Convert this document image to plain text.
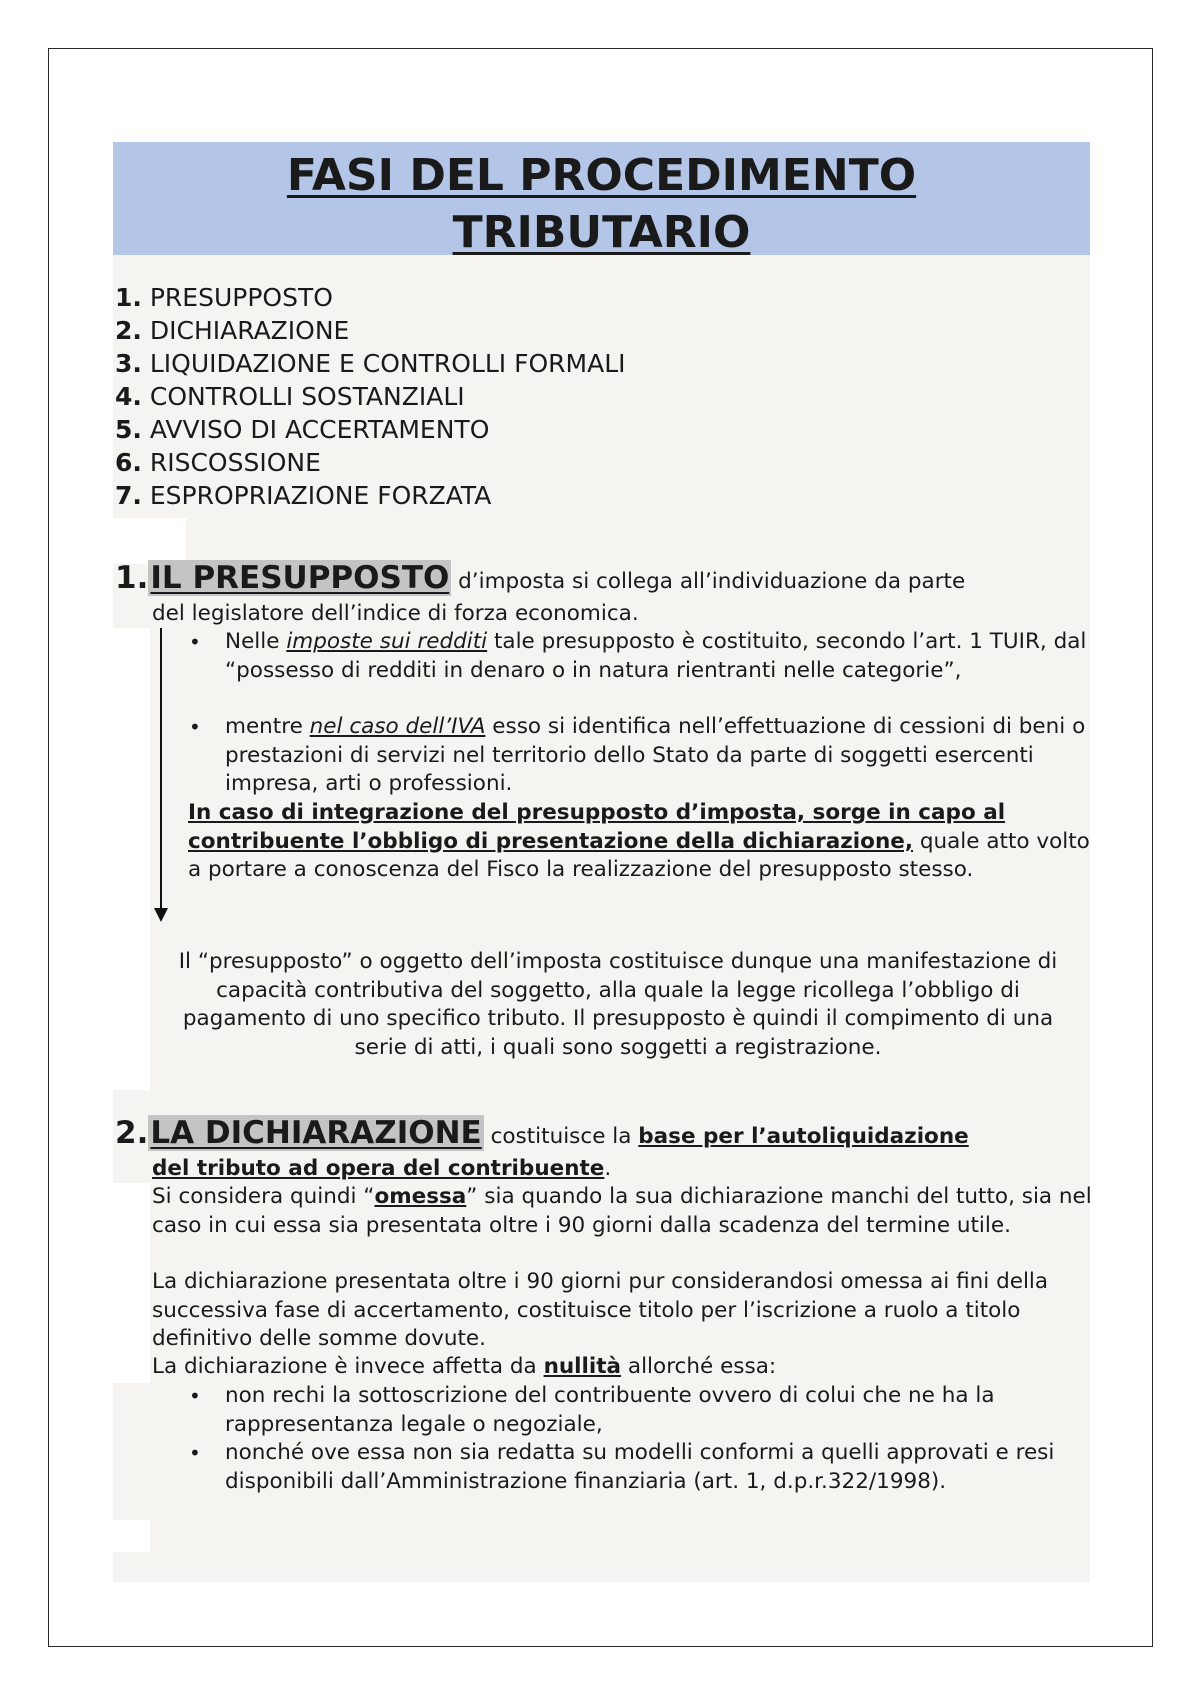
FASI DEL PROCEDIMENTO
TRIBUTARIO
1. PRESUPPOSTO
2. DICHIARAZIONE
3. LIQUIDAZIONE E CONTROLLI FORMALI
4. CONTROLLI SOSTANZIALI
5. AVVISO DI ACCERTAMENTO
6. RISCOSSIONE
7. ESPROPRIAZIONE FORZATA
1.IL PRESUPPOSTO d’imposta si collega all’individuazione da parte
del legislatore dell’indice di forza economica.
• Nelle imposte sui redditi tale presupposto è costituito, secondo l’art. 1 TUIR, dal “possesso di redditi in denaro o in natura rientranti nelle categorie”,
• mentre nel caso dell’IVA esso si identifica nell’effettuazione di cessioni di beni o prestazioni di servizi nel territorio dello Stato da parte di soggetti esercenti impresa, arti o professioni.
In caso di integrazione del presupposto d’imposta, sorge in capo al contribuente l’obbligo di presentazione della dichiarazione, quale atto volto a portare a conoscenza del Fisco la realizzazione del presupposto stesso.
Il “presupposto” o oggetto dell’imposta costituisce dunque una manifestazione di capacità contributiva del soggetto, alla quale la legge ricollega l’obbligo di pagamento di uno specifico tributo. Il presupposto è quindi il compimento di una serie di atti, i quali sono soggetti a registrazione.
2.LA DICHIARAZIONE costituisce la base per l’autoliquidazione
del tributo ad opera del contribuente.
Si considera quindi “omessa” sia quando la sua dichiarazione manchi del tutto, sia nel caso in cui essa sia presentata oltre i 90 giorni dalla scadenza del termine utile.
La dichiarazione presentata oltre i 90 giorni pur considerandosi omessa ai fini della successiva fase di accertamento, costituisce titolo per l’iscrizione a ruolo a titolo definitivo delle somme dovute.
La dichiarazione è invece affetta da nullità allorché essa:
• non rechi la sottoscrizione del contribuente ovvero di colui che ne ha la rappresentanza legale o negoziale,
• nonché ove essa non sia redatta su modelli conformi a quelli approvati e resi disponibili dall’Amministrazione finanziaria (art. 1, d.p.r.322/1998).
